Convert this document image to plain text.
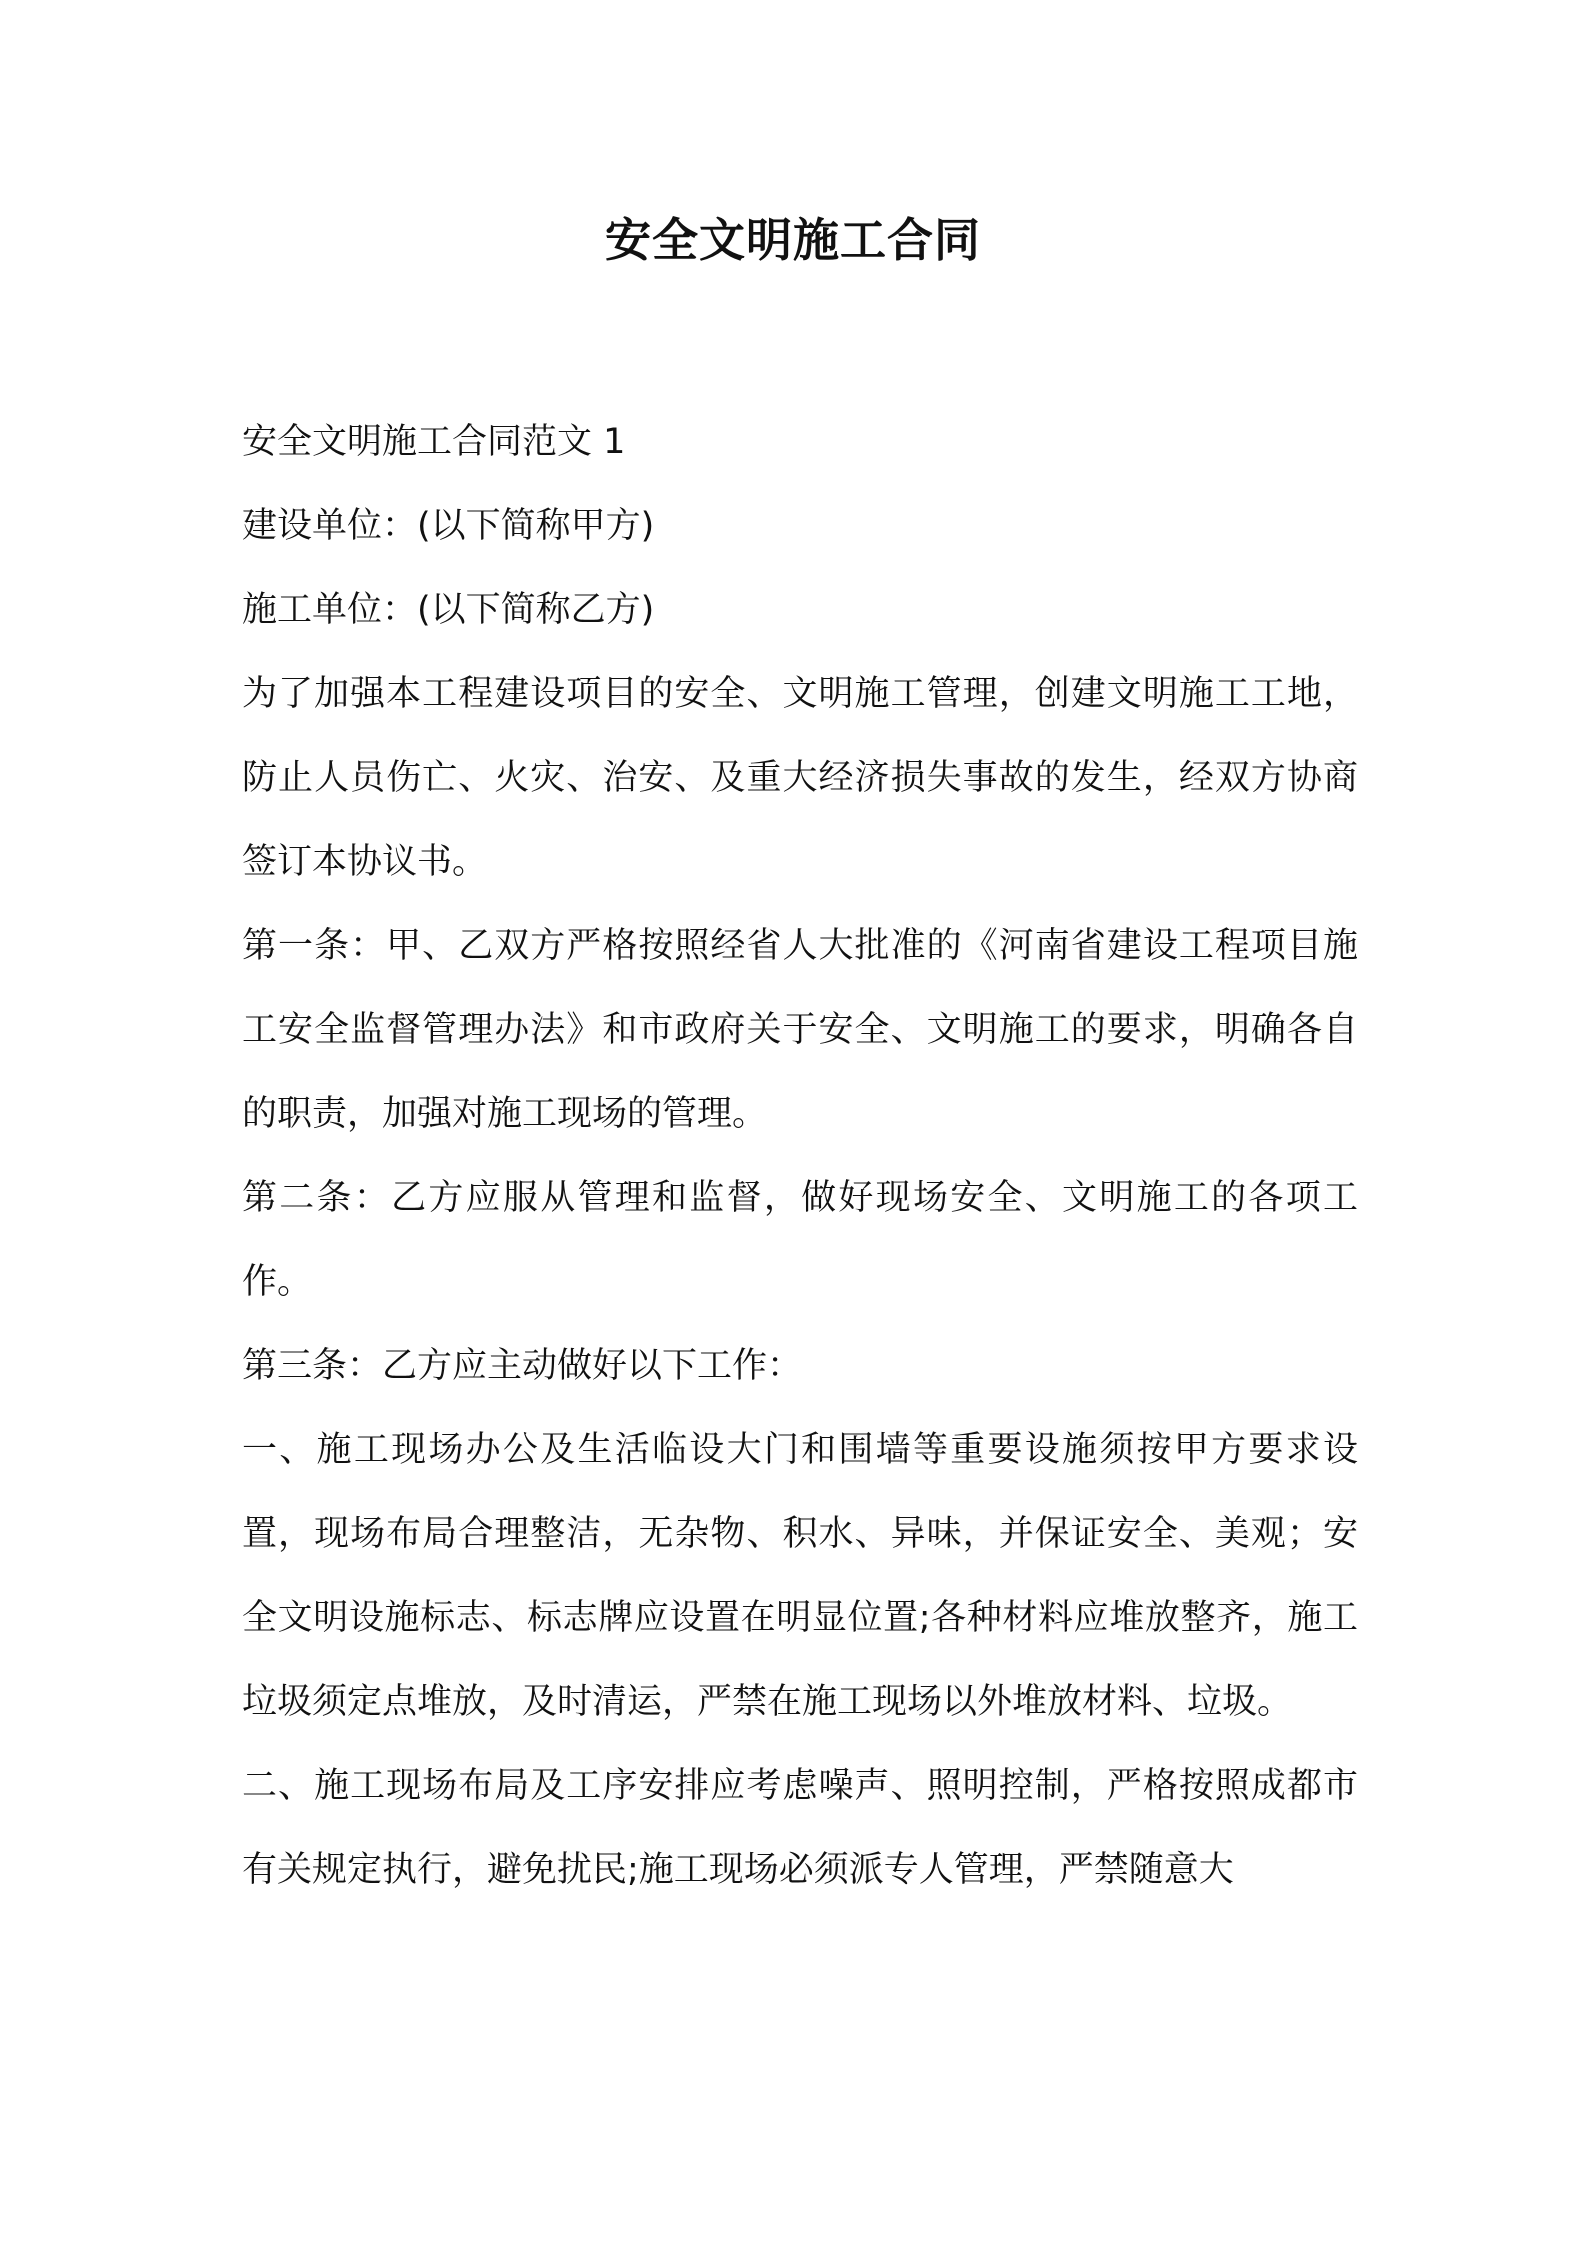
安全文明施工合同

安全文明施工合同范文 1

建设单位：(以下简称甲方)

施工单位：(以下简称乙方)

为了加强本工程建设项目的安全、文明施工管理，创建文明施工工地，防止人员伤亡、火灾、治安、及重大经济损失事故的发生，经双方协商签订本协议书。

第一条：甲、乙双方严格按照经省人大批准的《河南省建设工程项目施工安全监督管理办法》和市政府关于安全、文明施工的要求，明确各自的职责，加强对施工现场的管理。

第二条：乙方应服从管理和监督，做好现场安全、文明施工的各项工作。

第三条：乙方应主动做好以下工作：

一、施工现场办公及生活临设大门和围墙等重要设施须按甲方要求设置，现场布局合理整洁，无杂物、积水、异味，并保证安全、美观；安全文明设施标志、标志牌应设置在明显位置;各种材料应堆放整齐，施工垃圾须定点堆放，及时清运，严禁在施工现场以外堆放材料、垃圾。

二、施工现场布局及工序安排应考虑噪声、照明控制，严格按照成都市有关规定执行，避免扰民;施工现场必须派专人管理，严禁随意大
